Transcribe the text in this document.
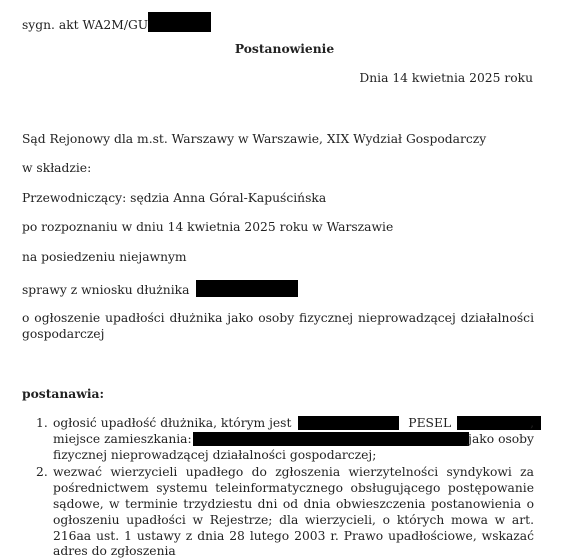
sygn. akt WA2M/GU
Postanowienie
Dnia 14 kwietnia 2025 roku
Sąd Rejonowy dla m.st. Warszawy w Warszawie, XIX Wydział Gospodarczy
w składzie:
Przewodniczący: sędzia Anna Góral-Kapuścińska
po rozpoznaniu w dniu 14 kwietnia 2025 roku w Warszawie
na posiedzeniu niejawnym
sprawy z wniosku dłużnika
o ogłoszenie upadłości dłużnika jako osoby fizycznej nieprowadzącej działalności gospodarczej
postanawia:
1. ogłosić upadłość dłużnika, którym jest	PESEL	,
miejsce zamieszkania:	jako osoby
fizycznej nieprowadzącej działalności gospodarczej;
2. wezwać wierzycieli upadłego do zgłoszenia wierzytelności syndykowi za pośrednictwem systemu teleinformatycznego obsługującego postępowanie sądowe, w terminie trzydziestu dni od dnia obwieszczenia postanowienia o ogłoszeniu upadłości w Rejestrze; dla wierzycieli, o których mowa w art. 216aa ust. 1 ustawy z dnia 28 lutego 2003 r. Prawo upadłościowe, wskazać adres do zgłoszenia
